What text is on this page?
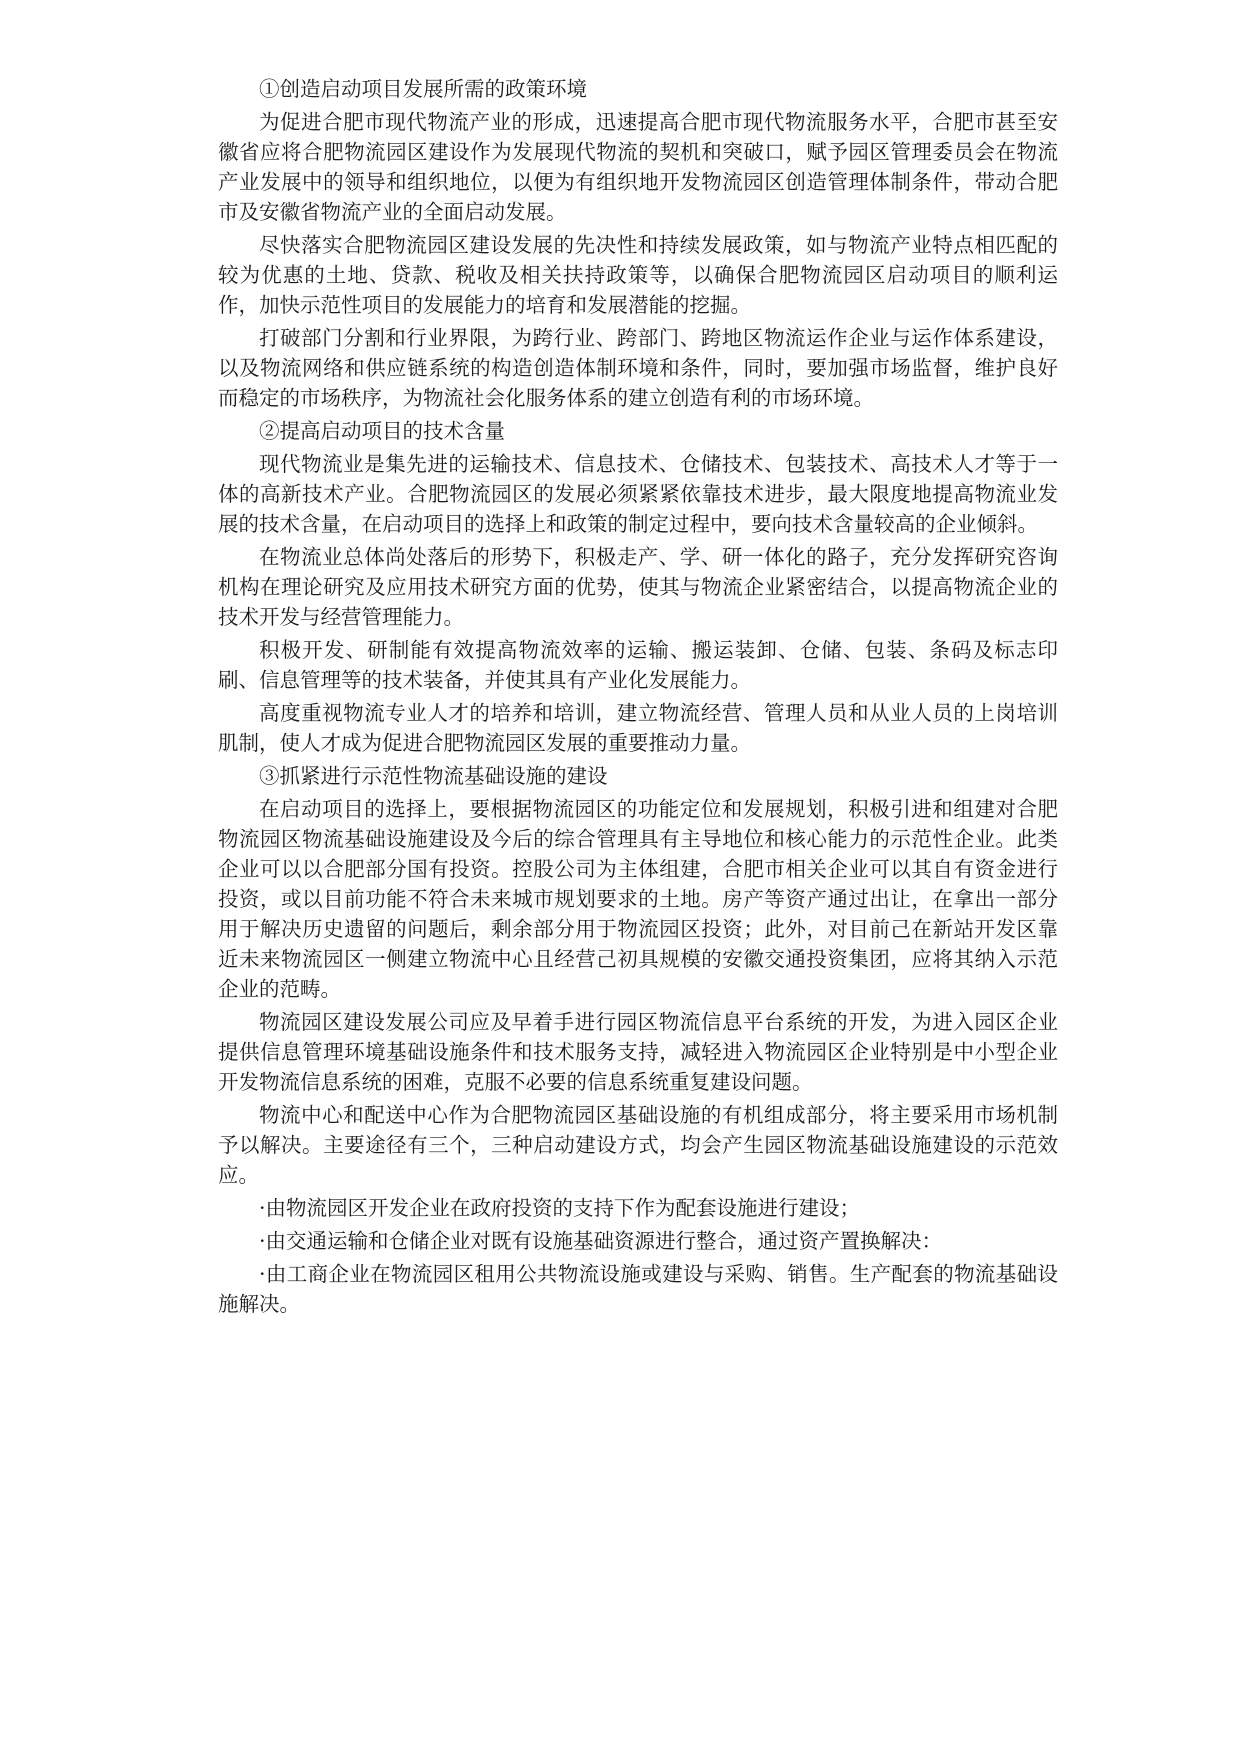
①创造启动项目发展所需的政策环境

为促进合肥市现代物流产业的形成，迅速提高合肥市现代物流服务水平，合肥市甚至安徽省应将合肥物流园区建设作为发展现代物流的契机和突破口，赋予园区管理委员会在物流产业发展中的领导和组织地位，以便为有组织地开发物流园区创造管理体制条件，带动合肥市及安徽省物流产业的全面启动发展。

尽快落实合肥物流园区建设发展的先决性和持续发展政策，如与物流产业特点相匹配的较为优惠的土地、贷款、税收及相关扶持政策等，以确保合肥物流园区启动项目的顺利运作，加快示范性项目的发展能力的培育和发展潜能的挖掘。

打破部门分割和行业界限，为跨行业、跨部门、跨地区物流运作企业与运作体系建设，以及物流网络和供应链系统的构造创造体制环境和条件，同时，要加强市场监督，维护良好而稳定的市场秩序，为物流社会化服务体系的建立创造有利的市场环境。

②提高启动项目的技术含量

现代物流业是集先进的运输技术、信息技术、仓储技术、包装技术、高技术人才等于一体的高新技术产业。合肥物流园区的发展必须紧紧依靠技术进步，最大限度地提高物流业发展的技术含量，在启动项目的选择上和政策的制定过程中，要向技术含量较高的企业倾斜。

在物流业总体尚处落后的形势下，积极走产、学、研一体化的路子，充分发挥研究咨询机构在理论研究及应用技术研究方面的优势，使其与物流企业紧密结合，以提高物流企业的技术开发与经营管理能力。

积极开发、研制能有效提高物流效率的运输、搬运装卸、仓储、包装、条码及标志印刷、信息管理等的技术装备，并使其具有产业化发展能力。

高度重视物流专业人才的培养和培训，建立物流经营、管理人员和从业人员的上岗培训肌制，使人才成为促进合肥物流园区发展的重要推动力量。

③抓紧进行示范性物流基础设施的建设

在启动项目的选择上，要根据物流园区的功能定位和发展规划，积极引进和组建对合肥物流园区物流基础设施建设及今后的综合管理具有主导地位和核心能力的示范性企业。此类企业可以以合肥部分国有投资。控股公司为主体组建，合肥市相关企业可以其自有资金进行投资，或以目前功能不符合未来城市规划要求的土地。房产等资产通过出让，在拿出一部分用于解决历史遗留的问题后，剩余部分用于物流园区投资；此外，对目前己在新站开发区靠近未来物流园区一侧建立物流中心且经营己初具规模的安徽交通投资集团，应将其纳入示范企业的范畴。

物流园区建设发展公司应及早着手进行园区物流信息平台系统的开发，为进入园区企业提供信息管理环境基础设施条件和技术服务支持，减轻进入物流园区企业特别是中小型企业开发物流信息系统的困难，克服不必要的信息系统重复建设问题。

物流中心和配送中心作为合肥物流园区基础设施的有机组成部分，将主要采用市场机制予以解决。主要途径有三个，三种启动建设方式，均会产生园区物流基础设施建设的示范效应。

·由物流园区开发企业在政府投资的支持下作为配套设施进行建设；

·由交通运输和仓储企业对既有设施基础资源进行整合，通过资产置换解决：

·由工商企业在物流园区租用公共物流设施或建设与采购、销售。生产配套的物流基础设施解决。
